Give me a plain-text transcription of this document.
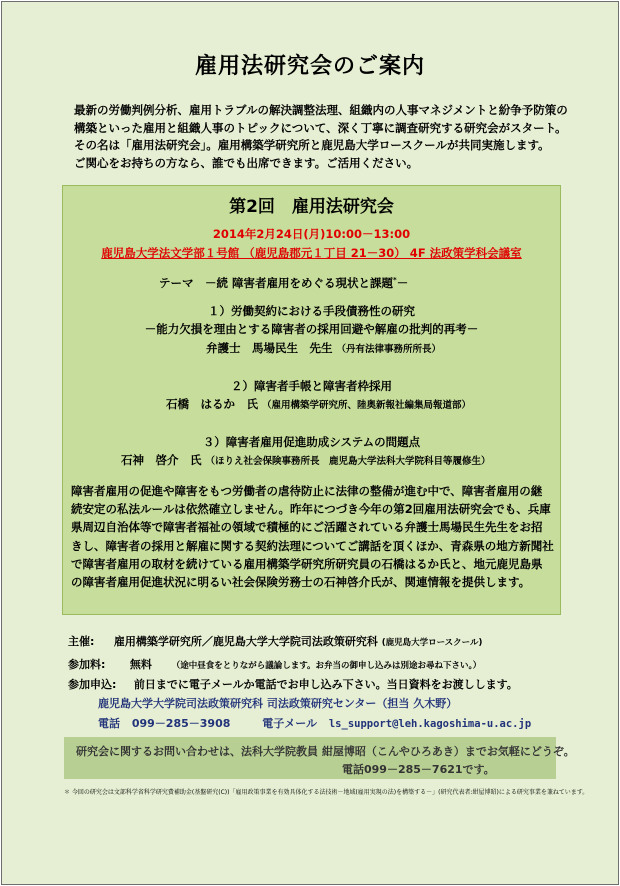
雇用法研究会のご案内
最新の労働判例分析、雇用トラブルの解決調整法理、組織内の人事マネジメントと紛争予防策の
構築といった雇用と組織人事のトピックについて、深く丁寧に調査研究する研究会がスタート。
その名は「雇用法研究会」。雇用構築学研究所と鹿児島大学ロースクールが共同実施します。
ご関心をお持ちの方なら、誰でも出席できます。ご活用ください。
第2回　雇用法研究会
2014年2月24日(月)10:00－13:00
鹿児島大学法文学部１号館 （鹿児島郡元１丁目 21－30） 4F 法政策学科会議室
テーマ　－続 障害者雇用をめぐる現状と課題*－
１）労働契約における手段債務性の研究
－能力欠損を理由とする障害者の採用回避や解雇の批判的再考－
弁護士　馬場民生　先生 （丹有法律事務所所長）
２）障害者手帳と障害者枠採用
石橋　はるか　氏 （雇用構築学研究所、陸奥新報社編集局報道部）
３）障害者雇用促進助成システムの問題点
石神　啓介　氏 （ほりえ社会保険事務所長　鹿児島大学法科大学院科目等履修生）
障害者雇用の促進や障害をもつ労働者の虐待防止に法律の整備が進む中で、障害者雇用の継
続安定の私法ルールは依然確立しません。昨年につづき今年の第2回雇用法研究会でも、兵庫
県周辺自治体等で障害者福祉の領域で積極的にご活躍されている弁護士馬場民生先生をお招
きし、障害者の採用と解雇に関する契約法理についてご講話を頂くほか、青森県の地方新聞社
で障害者雇用の取材を続けている雇用構築学研究所研究員の石橋はるか氏と、地元鹿児島県
の障害者雇用促進状況に明るい社会保険労務士の石神啓介氏が、関連情報を提供します。
主催: 雇用構築学研究所／鹿児島大学大学院司法政策研究科 (鹿児島大学ロースクール)
参加料: 無料 （途中昼食をとりながら議論します。お弁当の御申し込みは別途お尋ね下さい。）
参加申込: 前日までに電子メールか電話でお申し込み下さい。当日資料をお渡しします。
鹿児島大学大学院司法政策研究科 司法政策研究センター（担当 久木野）
電話 099－285－3908	電子メール ls_support@leh.kagoshima-u.ac.jp
研究会に関するお問い合わせは、法科大学院教員 紺屋博昭（こんやひろあき）までお気軽にどうぞ。
電話099－285－7621です。
＊ 今回の研究会は文部科学省科学研究費補助金(基盤研究(C))「雇用政策事業を有効具体化する法技術－地域(雇用実現の法)を構築する－」(研究代表者:紺屋博昭)による研究事業を兼ねています。
